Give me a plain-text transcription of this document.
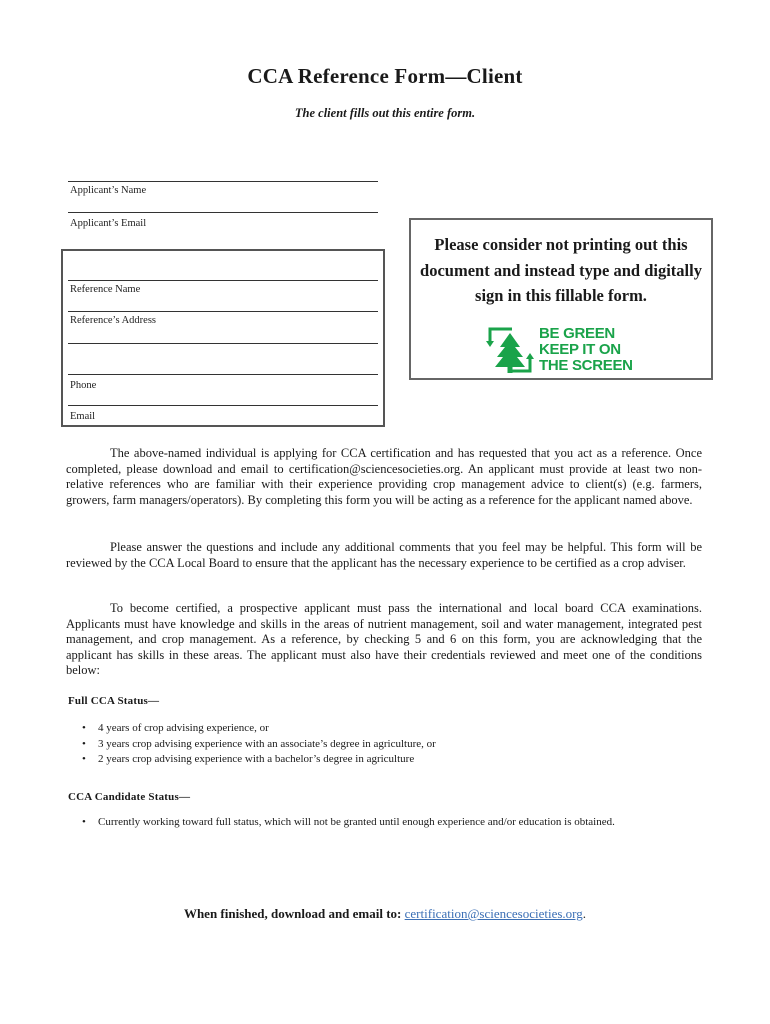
CCA Reference Form—Client
The client fills out this entire form.
Applicant’s Name
Applicant’s Email
Reference Name
Reference’s Address
Phone
Email
Please consider not printing out this document and instead type and digitally sign in this fillable form.
BE GREEN
KEEP IT ON
THE SCREEN
The above-named individual is applying for CCA certification and has requested that you act as a reference. Once completed, please download and email to certification@sciencesocieties.org. An applicant must provide at least two non-relative references who are familiar with their experience providing crop management advice to client(s) (e.g. farmers, growers, farm managers/operators). By completing this form you will be acting as a reference for the applicant named above.
Please answer the questions and include any additional comments that you feel may be helpful. This form will be reviewed by the CCA Local Board to ensure that the applicant has the necessary experience to be certified as a crop adviser.
To become certified, a prospective applicant must pass the international and local board CCA examinations. Applicants must have knowledge and skills in the areas of nutrient management, soil and water management, integrated pest management, and crop management. As a reference, by checking 5 and 6 on this form, you are acknowledging that the applicant has skills in these areas. The applicant must also have their credentials reviewed and meet one of the conditions below:
Full CCA Status—
• 4 years of crop advising experience, or
• 3 years crop advising experience with an associate’s degree in agriculture, or
• 2 years crop advising experience with a bachelor’s degree in agriculture
CCA Candidate Status—
• Currently working toward full status, which will not be granted until enough experience and/or education is obtained.
When finished, download and email to: certification@sciencesocieties.org.
